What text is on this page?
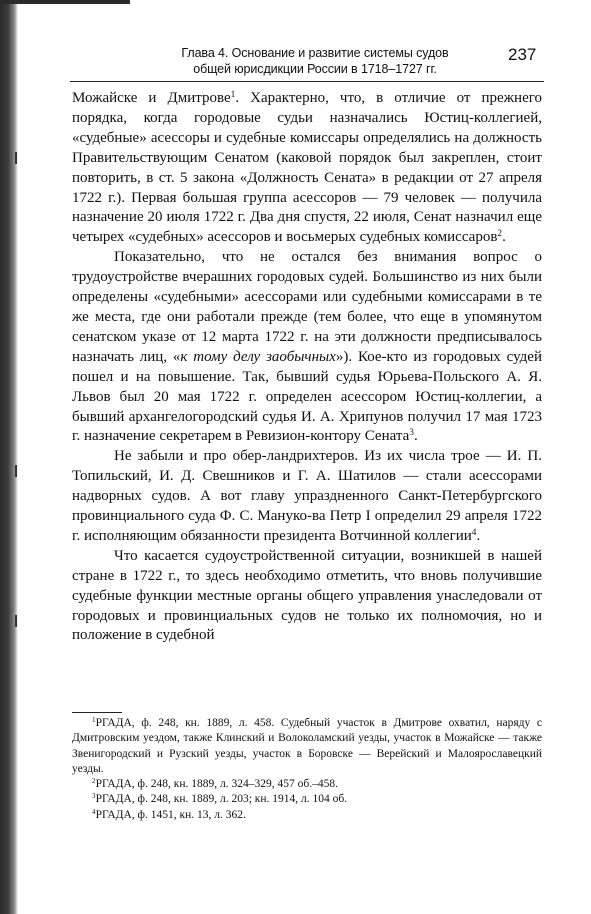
Глава 4. Основание и развитие системы судов
общей юрисдикции России в 1718–1727 гг.
237

Можайске и Дмитрове$^1$. Характерно, что, в отличие от прежнего порядка, когда городовые судьи назначались Юстиц-коллегией, «судебные» асессоры и судебные комиссары определялись на должность Правительствующим Сенатом (каковой порядок был закреплен, стоит повторить, в ст. 5 закона «Должность Сената» в редакции от 27 апреля 1722 г.). Первая большая группа асессоров — 79 человек — получила назначение 20 июля 1722 г. Два дня спустя, 22 июля, Сенат назначил еще четырех «судебных» асессоров и восьмерых судебных комиссаров$^2$.

Показательно, что не остался без внимания вопрос о трудоустройстве вчерашних городовых судей. Большинство из них были определены «судебными» асессорами или судебными комиссарами в те же места, где они работали прежде (тем более, что еще в упомянутом сенатском указе от 12 марта 1722 г. на эти должности предписывалось назначать лиц, «к тому делу заобычных»). Кое-кто из городовых судей пошел и на повышение. Так, бывший судья Юрьева-Польского А. Я. Львов был 20 мая 1722 г. определен асессором Юстиц-коллегии, а бывший архангелогородский судья И. А. Хрипунов получил 17 мая 1723 г. назначение секретарем в Ревизион-контору Сената$^3$.

Не забыли и про обер-ландрихтеров. Из их числа трое — И. П. Топильский, И. Д. Свешников и Г. А. Шатилов — стали асессорами надворных судов. А вот главу упраздненного Санкт-Петербургского провинциального суда Ф. С. Мануко-ва Петр I определил 29 апреля 1722 г. исполняющим обязанности президента Вотчинной коллегии$^4$.

Что касается судоустройственной ситуации, возникшей в нашей стране в 1722 г., то здесь необходимо отметить, что вновь получившие судебные функции местные органы общего управления унаследовали от городовых и провинциальных судов не только их полномочия, но и положение в судебной

$^1$РГАДА, ф. 248, кн. 1889, л. 458. Судебный участок в Дмитрове охватил, наряду с Дмитровским уездом, также Клинский и Волоколамский уезды, участок в Можайске — также Звенигородский и Рузский уезды, участок в Боровске — Верейский и Малоярославецкий уезды.

$^2$РГАДА, ф. 248, кн. 1889, л. 324–329, 457 об.–458.

$^3$РГАДА, ф. 248, кн. 1889, л. 203; кн. 1914, л. 104 об.

$^4$РГАДА, ф. 1451, кн. 13, л. 362.
